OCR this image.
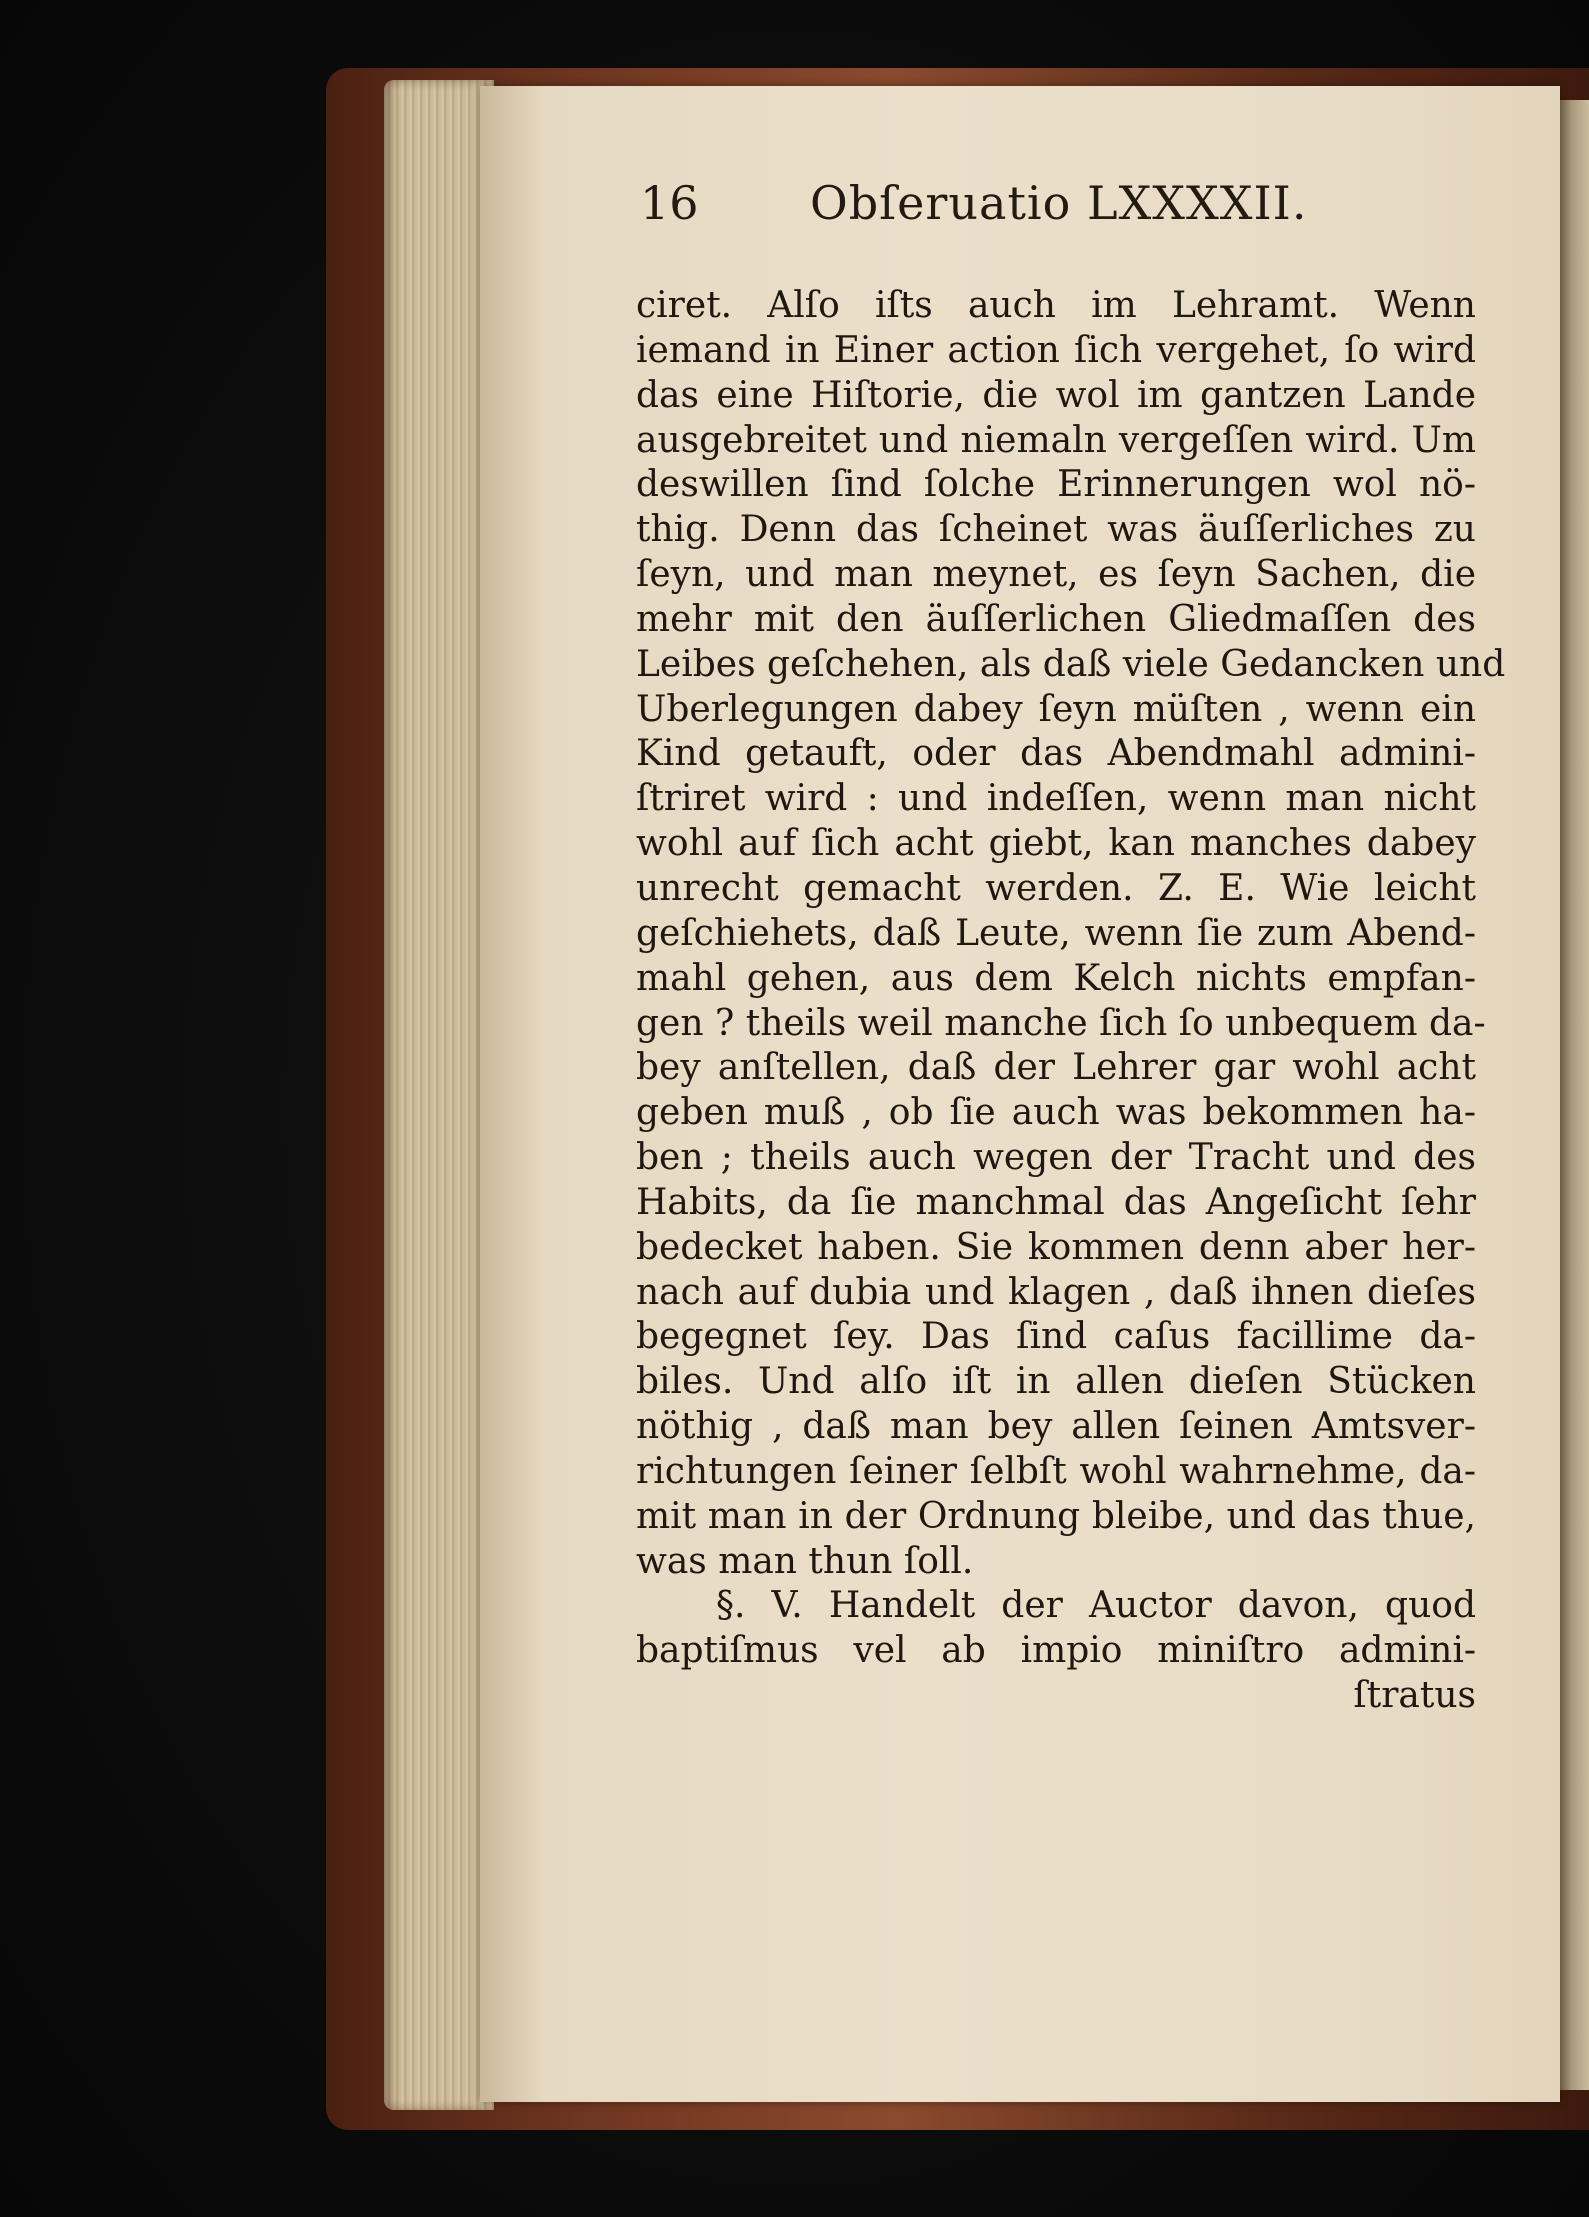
16 Obſeruatio LXXXXII.
ciret. Alſo iſts auch im Lehramt. Wenn
iemand in Einer action ſich vergehet, ſo wird
das eine Hiſtorie, die wol im gantzen Lande
ausgebreitet und niemaln vergeſſen wird. Um
deswillen ſind ſolche Erinnerungen wol nö-
thig. Denn das ſcheinet was äuſſerliches zu
ſeyn, und man meynet, es ſeyn Sachen, die
mehr mit den äuſſerlichen Gliedmaſſen des
Leibes geſchehen, als daß viele Gedancken und
Uberlegungen dabey ſeyn müſten , wenn ein
Kind getauft, oder das Abendmahl admini-
ſtriret wird : und indeſſen, wenn man nicht
wohl auf ſich acht giebt, kan manches dabey
unrecht gemacht werden. Z. E. Wie leicht
geſchiehets, daß Leute, wenn ſie zum Abend-
mahl gehen, aus dem Kelch nichts empfan-
gen ? theils weil manche ſich ſo unbequem da-
bey anſtellen, daß der Lehrer gar wohl acht
geben muß , ob ſie auch was bekommen ha-
ben ; theils auch wegen der Tracht und des
Habits, da ſie manchmal das Angeſicht ſehr
bedecket haben. Sie kommen denn aber her-
nach auf dubia und klagen , daß ihnen dieſes
begegnet ſey. Das ſind caſus facillime da-
biles. Und alſo iſt in allen dieſen Stücken
nöthig , daß man bey allen ſeinen Amtsver-
richtungen ſeiner ſelbſt wohl wahrnehme, da-
mit man in der Ordnung bleibe, und das thue,
was man thun ſoll.
§. V. Handelt der Auctor davon, quod
baptiſmus vel ab impio miniſtro admini-
ſtratus
